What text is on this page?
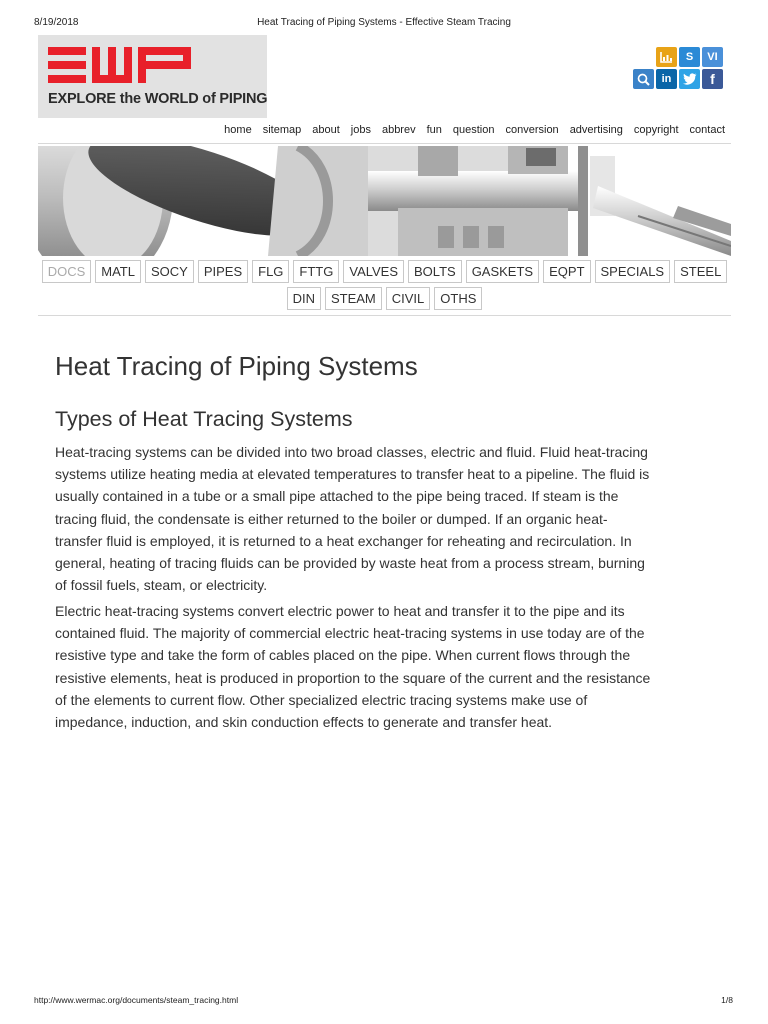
8/19/2018	Heat Tracing of Piping Systems - Effective Steam Tracing
EXPLORE the WORLD of PIPING
S VI
in	f
home sitemap about jobs abbrev fun question conversion advertising copyright contact
DOCS	MATL	SOCY	PIPES	FLG	FTTG	VALVES	BOLTS	GASKETS	EQPT	SPECIALS	STEEL
DIN	STEAM	CIVIL	OTHS
Heat Tracing of Piping Systems
Types of Heat Tracing Systems
Heat-tracing systems can be divided into two broad classes, electric and fluid. Fluid heat-tracing
systems utilize heating media at elevated temperatures to transfer heat to a pipeline. The fluid is
usually contained in a tube or a small pipe attached to the pipe being traced. If steam is the
tracing fluid, the condensate is either returned to the boiler or dumped. If an organic heat-
transfer fluid is employed, it is returned to a heat exchanger for reheating and recirculation. In
general, heating of tracing fluids can be provided by waste heat from a process stream, burning
of fossil fuels, steam, or electricity.
Electric heat-tracing systems convert electric power to heat and transfer it to the pipe and its
contained fluid. The majority of commercial electric heat-tracing systems in use today are of the
resistive type and take the form of cables placed on the pipe. When current flows through the
resistive elements, heat is produced in proportion to the square of the current and the resistance
of the elements to current flow. Other specialized electric tracing systems make use of
impedance, induction, and skin conduction effects to generate and transfer heat.
http://www.wermac.org/documents/steam_tracing.html	1/8
